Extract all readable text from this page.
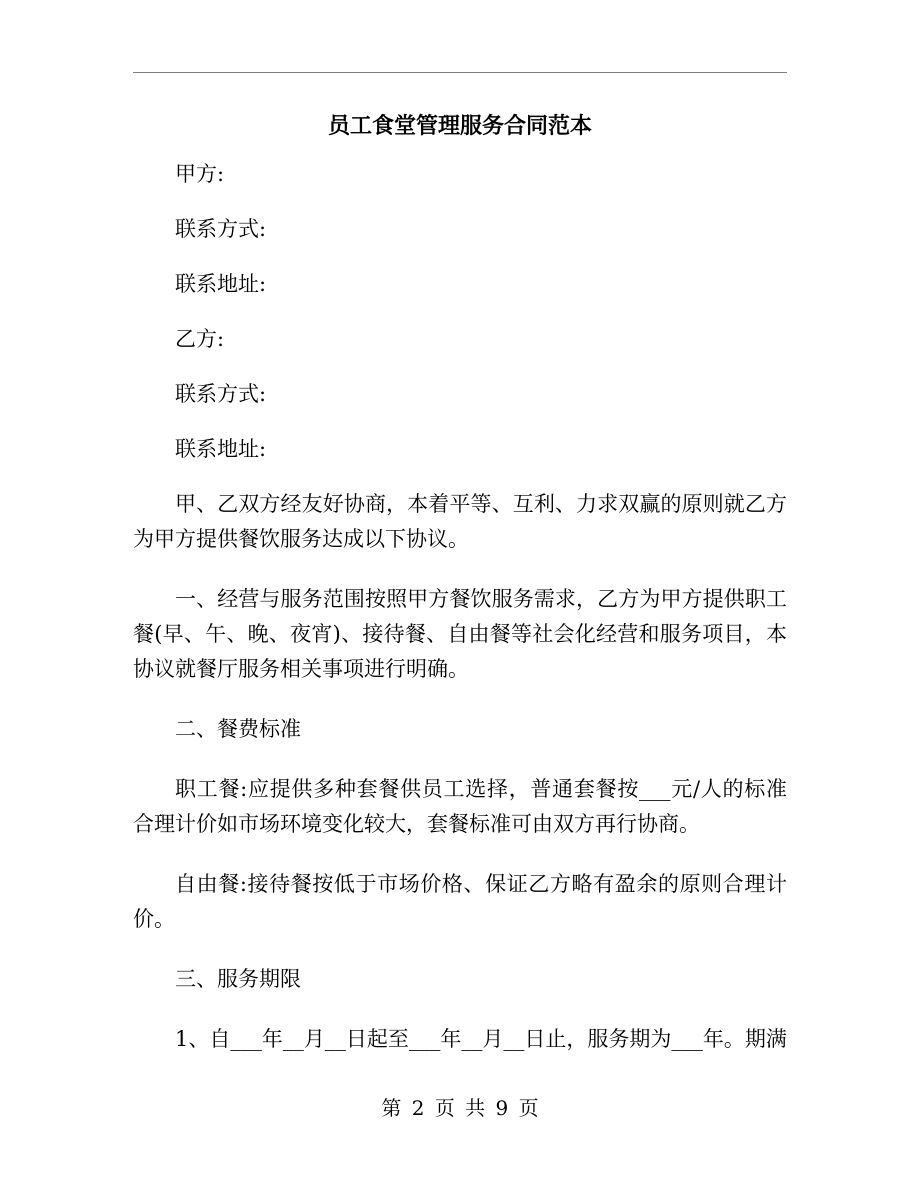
员工食堂管理服务合同范本

甲方:

联系方式:

联系地址:

乙方:

联系方式:

联系地址:

甲、乙双方经友好协商，本着平等、互利、力求双赢的原则就乙方为甲方提供餐饮服务达成以下协议。

一、经营与服务范围按照甲方餐饮服务需求，乙方为甲方提供职工餐(早、午、晚、夜宵)、接待餐、自由餐等社会化经营和服务项目，本协议就餐厅服务相关事项进行明确。

二、餐费标准

职工餐:应提供多种套餐供员工选择，普通套餐按___元/人的标准合理计价如市场环境变化较大，套餐标准可由双方再行协商。

自由餐:接待餐按低于市场价格、保证乙方略有盈余的原则合理计价。

三、服务期限

1、自___年__月__日起至___年__月__日止，服务期为___年。期满

第 2 页 共 9 页
